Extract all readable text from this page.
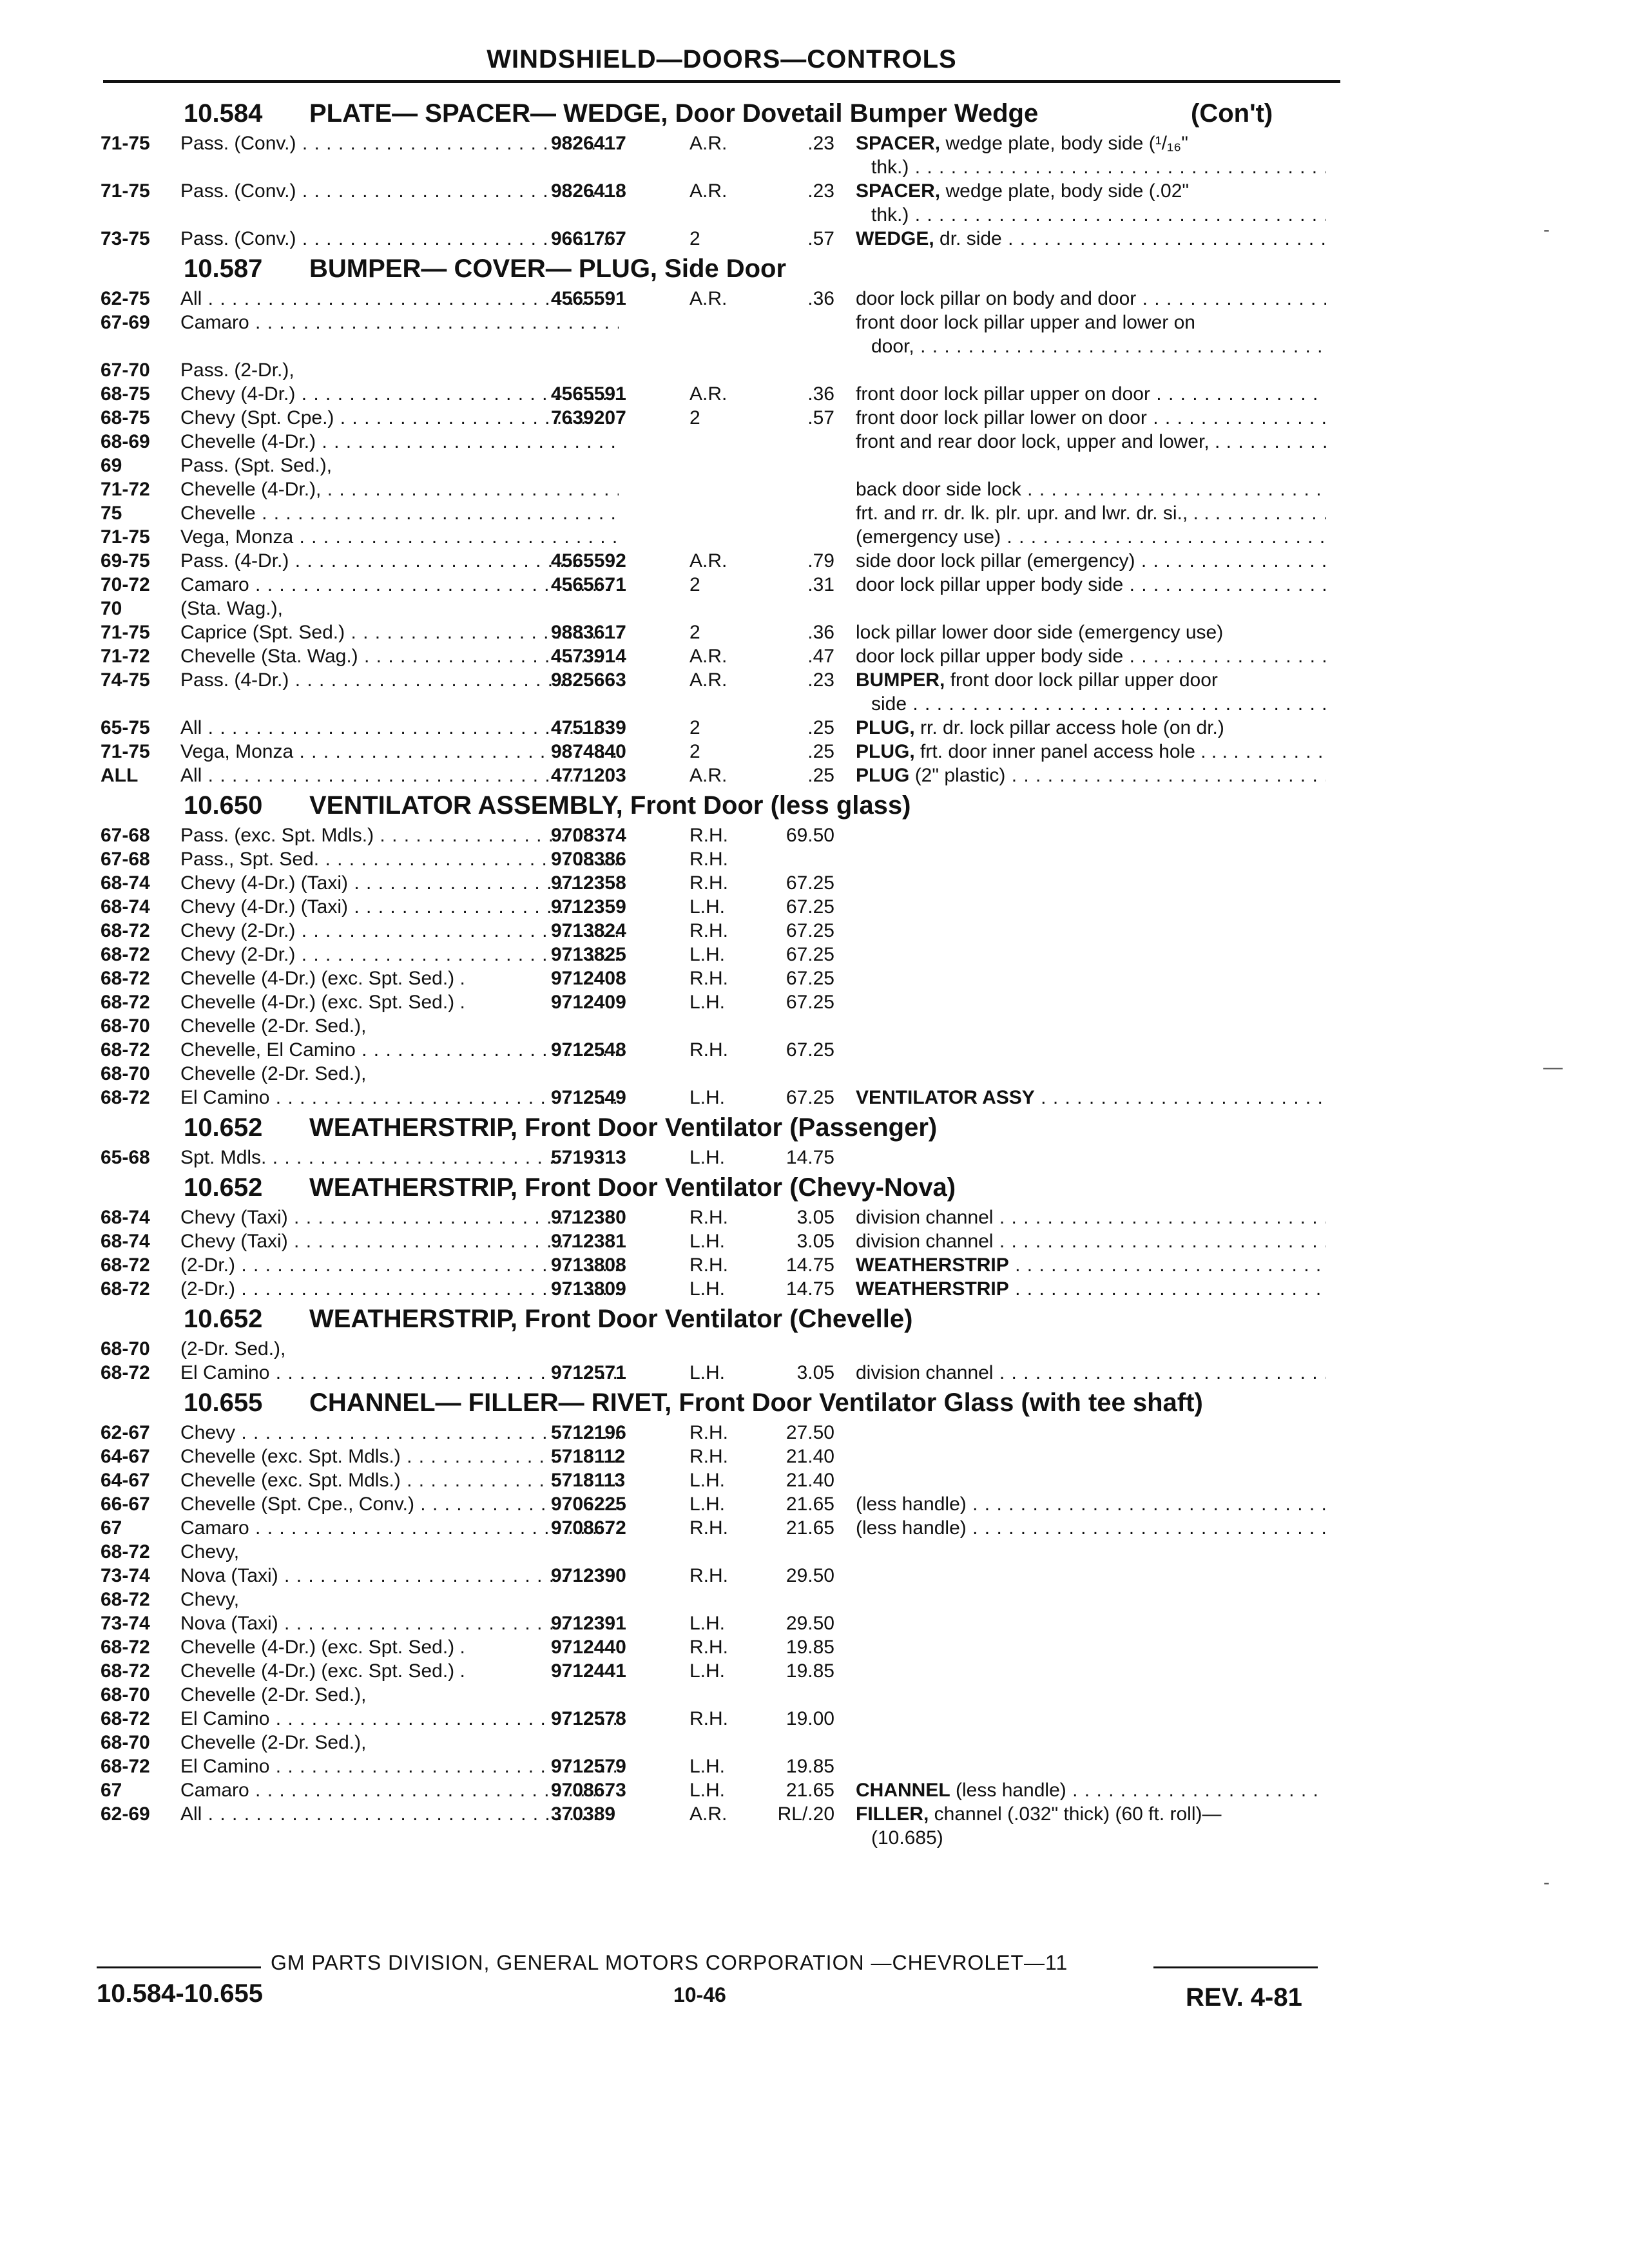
WINDSHIELD—DOORS—CONTROLS
10.584 PLATE— SPACER— WEDGE, Door Dovetail Bumper Wedge	(Con't)
71-75	Pass. (Conv.) . . .	9826417	A.R.	.23 SPACER, wedge plate, body side (¹/₁₆"
thk.) . . .
71-75	Pass. (Conv.) . . .	9826418	A.R.	.23 SPACER, wedge plate, body side (.02"
thk.) . . .
73-75	Pass. (Conv.) . . .	9661767	2	.57 WEDGE, dr. side . . .
10.587 BUMPER— COVER— PLUG, Side Door
62-75	All . . .	4565591	A.R.	.36 door lock pillar on body and door . . .
67-69	Camaro . . .	front door lock pillar upper and lower on
door, . . .
67-70	Pass. (2-Dr.),
68-75	Chevy (4-Dr.) . . .	4565591	A.R.	.36 front door lock pillar upper on door . . .
68-75	Chevy (Spt. Cpe.) . . .	7639207	2	.57 front door lock pillar lower on door . . .
68-69	Chevelle (4-Dr.) . . .	front and rear door lock, upper and lower, . . . .
69	Pass. (Spt. Sed.),
71-72	Chevelle (4-Dr.), . . .	back door side lock . . .
75	Chevelle . . .	frt. and rr. dr. lk. plr. upr. and lwr. dr. si., . . . . .
71-75	Vega, Monza . . .	(emergency use) . . .
69-75	Pass. (4-Dr.) . . .	4565592	A.R.	.79 side door lock pillar (emergency) . . .
70-72	Camaro . . .	4565671	2	.31 door lock pillar upper body side . . .
70	(Sta. Wag.),
71-75	Caprice (Spt. Sed.) . . .	9883617	2	.36 lock pillar lower door side (emergency use)
71-72	Chevelle (Sta. Wag.) . . .	4573914	A.R.	.47 door lock pillar upper body side . . .
74-75	Pass. (4-Dr.) . . .	9825663	A.R.	.23 BUMPER, front door lock pillar upper door
side . . .
65-75	All . . .	4751839	2	.25 PLUG, rr. dr. lock pillar access hole (on dr.)
71-75	Vega, Monza . . .	9874840	2	.25 PLUG, frt. door inner panel access hole . . . . . .
ALL	All . . .	4771203	A.R.	.25 PLUG (2" plastic) . . .
10.650 VENTILATOR ASSEMBLY, Front Door (less glass)
67-68	Pass. (exc. Spt. Mdls.) . . .	9708374	R.H.	69.50
67-68	Pass., Spt. Sed. . . .	9708386	R.H.
68-74	Chevy (4-Dr.) (Taxi) . . .	9712358	R.H.	67.25
68-74	Chevy (4-Dr.) (Taxi) . . .	9712359	L.H.	67.25
68-72	Chevy (2-Dr.) . . .	9713824	R.H.	67.25
68-72	Chevy (2-Dr.) . . .	9713825	L.H.	67.25
68-72	Chevelle (4-Dr.) (exc. Spt. Sed.) .	9712408	R.H.	67.25
68-72	Chevelle (4-Dr.) (exc. Spt. Sed.) .	9712409	L.H.	67.25
68-70	Chevelle (2-Dr. Sed.),
68-72	Chevelle, El Camino . . .	9712548	R.H.	67.25
68-70	Chevelle (2-Dr. Sed.),
68-72	El Camino . . .	9712549	L.H.	67.25 VENTILATOR ASSY . . .
10.652 WEATHERSTRIP, Front Door Ventilator (Passenger)
65-68	Spt. Mdls. . . .	5719313	L.H.	14.75
10.652 WEATHERSTRIP, Front Door Ventilator (Chevy-Nova)
68-74	Chevy (Taxi) . . .	9712380	R.H.	3.05 division channel . . .
68-74	Chevy (Taxi) . . .	9712381	L.H.	3.05 division channel . . .
68-72	(2-Dr.) . . .	9713808	R.H.	14.75 WEATHERSTRIP . . .
68-72	(2-Dr.) . . .	9713809	L.H.	14.75 WEATHERSTRIP . . .
10.652 WEATHERSTRIP, Front Door Ventilator (Chevelle)
68-70	(2-Dr. Sed.),
68-72	El Camino . . .	9712571	L.H.	3.05 division channel . . .
10.655 CHANNEL— FILLER— RIVET, Front Door Ventilator Glass (with tee shaft)
62-67	Chevy . . .	5712196	R.H.	27.50
64-67	Chevelle (exc. Spt. Mdls.) . . .	5718112	R.H.	21.40
64-67	Chevelle (exc. Spt. Mdls.) . . .	5718113	L.H.	21.40
66-67	Chevelle (Spt. Cpe., Conv.) . . .	9706225	L.H.	21.65 (less handle) . . .
67	Camaro . . .	9708672	R.H.	21.65 (less handle) . . .
68-72	Chevy,
73-74	Nova (Taxi) . . .	9712390	R.H.	29.50
68-72	Chevy,
73-74	Nova (Taxi) . . .	9712391	L.H.	29.50
68-72	Chevelle (4-Dr.) (exc. Spt. Sed.) .	9712440	R.H.	19.85
68-72	Chevelle (4-Dr.) (exc. Spt. Sed.) .	9712441	L.H.	19.85
68-70	Chevelle (2-Dr. Sed.),
68-72	El Camino . . .	9712578	R.H.	19.00
68-70	Chevelle (2-Dr. Sed.),
68-72	El Camino . . .	9712579	L.H.	19.85
67	Camaro . . .	9708673	L.H.	21.65 CHANNEL (less handle) . . .
62-69	All . . .	370389	A.R.	RL/.20 FILLER, channel (.032" thick) (60 ft. roll)—
(10.685)
-
—
-
GM PARTS DIVISION, GENERAL MOTORS CORPORATION —CHEVROLET—11
10.584-10.655	10-46	REV. 4-81
